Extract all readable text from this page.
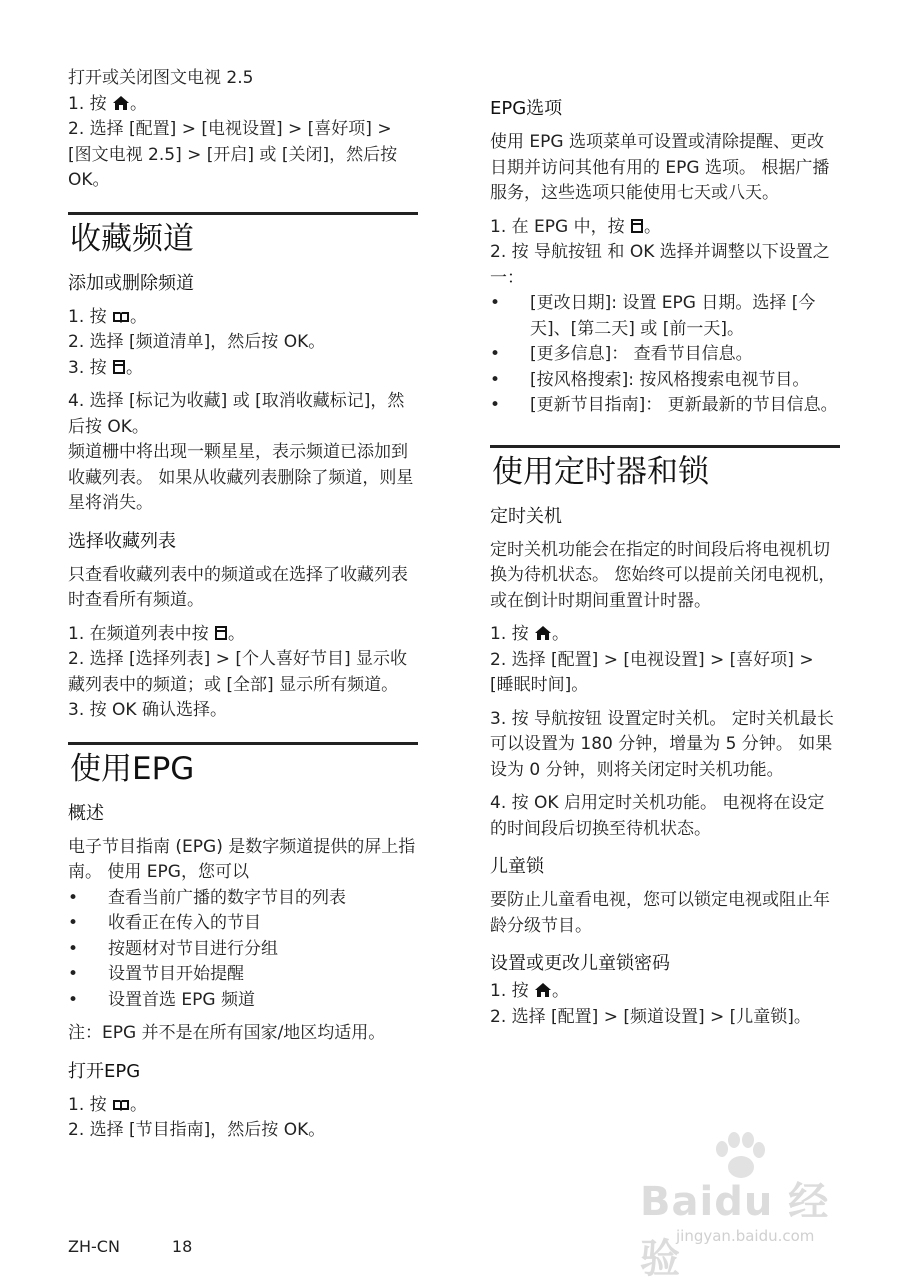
打开或关闭图文电视 2.5

1. 按 。

2. 选择 [配置] > [电视设置] > [喜好项] > [图文电视 2.5] > [开启] 或 [关闭]，然后按 OK。

收藏频道
添加或删除频道

1. 按 。

2. 选择 [频道清单]，然后按 OK。

3. 按 。

4. 选择 [标记为收藏] 或 [取消收藏标记]，然后按 OK。

频道栅中将出现一颗星星，表示频道已添加到收藏列表。 如果从收藏列表删除了频道，则星星将消失。

选择收藏列表

只查看收藏列表中的频道或在选择了收藏列表时查看所有频道。

1. 在频道列表中按 。

2. 选择 [选择列表] > [个人喜好节目] 显示收藏列表中的频道；或 [全部] 显示所有频道。

3. 按 OK 确认选择。

使用EPG
概述

电子节目指南 (EPG) 是数字频道提供的屏上指南。 使用 EPG，您可以

• 查看当前广播的数字节目的列表
• 收看正在传入的节目
• 按题材对节目进行分组
• 设置节目开始提醒
• 设置首选 EPG 频道

注：EPG 并不是在所有国家/地区均适用。

打开EPG

1. 按 。

2. 选择 [节目指南]，然后按 OK。

EPG选项

使用 EPG 选项菜单可设置或清除提醒、更改日期并访问其他有用的 EPG 选项。 根据广播服务，这些选项只能使用七天或八天。

1. 在 EPG 中，按 。

2. 按 导航按钮 和 OK 选择并调整以下设置之一：

• [更改日期]: 设置 EPG 日期。选择 [今天]、[第二天] 或 [前一天]。
• [更多信息]： 查看节目信息。
• [按风格搜索]: 按风格搜索电视节目。
• [更新节目指南]： 更新最新的节目信息。
使用定时器和锁
定时关机

定时关机功能会在指定的时间段后将电视机切换为待机状态。 您始终可以提前关闭电视机，或在倒计时期间重置计时器。

1. 按 。

2. 选择 [配置] > [电视设置] > [喜好项] > [睡眠时间]。

3. 按 导航按钮 设置定时关机。 定时关机最长可以设置为 180 分钟，增量为 5 分钟。 如果设为 0 分钟，则将关闭定时关机功能。

4. 按 OK 启用定时关机功能。 电视将在设定的时间段后切换至待机状态。

儿童锁

要防止儿童看电视，您可以锁定电视或阻止年龄分级节目。

设置或更改儿童锁密码

1. 按 。

2. 选择 [配置] > [频道设置] > [儿童锁]。

ZH-CN	18
Baidu 经验
jingyan.baidu.com
